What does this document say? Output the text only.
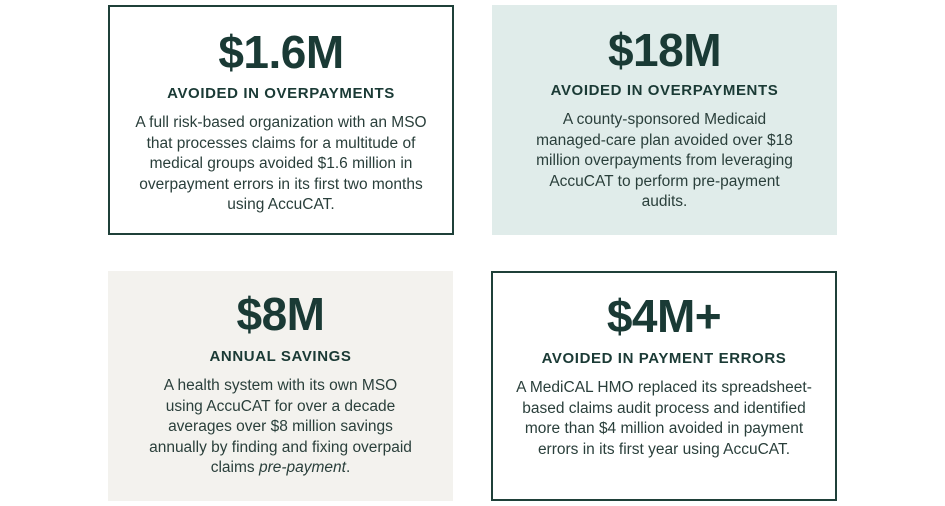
$1.6M
AVOIDED IN OVERPAYMENTS
A full risk-based organization with an MSO that processes claims for a multitude of medical groups avoided $1.6 million in overpayment errors in its first two months using AccuCAT.
$18M
AVOIDED IN OVERPAYMENTS
A county-sponsored Medicaid managed-care plan avoided over $18 million overpayments from leveraging AccuCAT to perform pre-payment audits.
$8M
ANNUAL SAVINGS
A health system with its own MSO using AccuCAT for over a decade averages over $8 million savings annually by finding and fixing overpaid claims pre-payment.
$4M+
AVOIDED IN PAYMENT ERRORS
A MediCAL HMO replaced its spreadsheet-based claims audit process and identified more than $4 million avoided in payment errors in its first year using AccuCAT.
